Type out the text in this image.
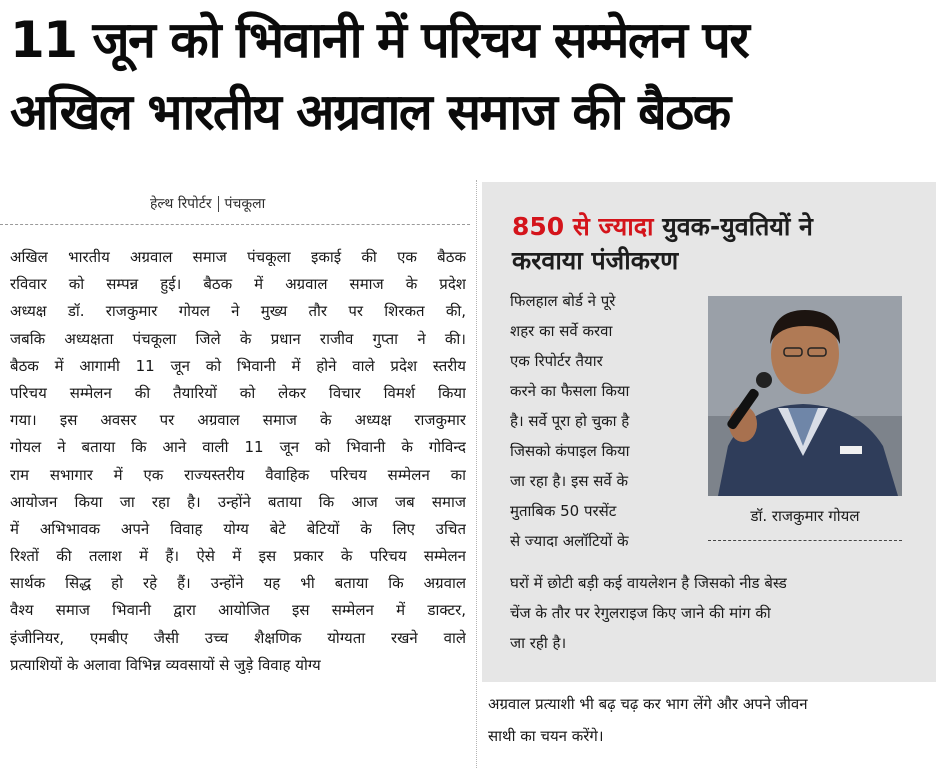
11 जून को भिवानी में परिचय सम्मेलन पर
अखिल भारतीय अग्रवाल समाज की बैठक
हेल्थ रिपोर्टर पंचकूला
अखिल भारतीय अग्रवाल समाज पंचकूला इकाई की एक बैठक
रविवार को सम्पन्न हुई। बैठक में अग्रवाल समाज के प्रदेश
अध्यक्ष डॉ. राजकुमार गोयल ने मुख्य तौर पर शिरकत की,
जबकि अध्यक्षता पंचकूला जिले के प्रधान राजीव गुप्ता ने की।
बैठक में आगामी 11 जून को भिवानी में होने वाले प्रदेश स्तरीय
परिचय सम्मेलन की तैयारियों को लेकर विचार विमर्श किया
गया। इस अवसर पर अग्रवाल समाज के अध्यक्ष राजकुमार
गोयल ने बताया कि आने वाली 11 जून को भिवानी के गोविन्द
राम सभागार में एक राज्यस्तरीय वैवाहिक परिचय सम्मेलन का
आयोजन किया जा रहा है। उन्होंने बताया कि आज जब समाज
में अभिभावक अपने विवाह योग्य बेटे बेटियों के लिए उचित
रिश्तों की तलाश में हैं। ऐसे में इस प्रकार के परिचय सम्मेलन
सार्थक सिद्ध हो रहे हैं। उन्होंने यह भी बताया कि अग्रवाल
वैश्य समाज भिवानी द्वारा आयोजित इस सम्मेलन में डाक्टर,
इंजीनियर, एमबीए जैसी उच्च शैक्षणिक योग्यता रखने वाले
प्रत्याशियों के अलावा विभिन्न व्यवसायों से जुड़े विवाह योग्य
850 से ज्यादा युवक-युवतियों ने
करवाया पंजीकरण
फिलहाल बोर्ड ने पूरे
शहर का सर्वे करवा
एक रिपोर्टर तैयार
करने का फैसला किया
है। सर्वे पूरा हो चुका है
जिसको कंपाइल किया
जा रहा है। इस सर्वे के
मुताबिक 50 परसेंट
से ज्यादा अलॉटियों के
डॉ. राजकुमार गोयल
घरों में छोटी बड़ी कई वायलेशन है जिसको नीड बेस्ड
चेंज के तौर पर रेगुलराइज किए जाने की मांग की
जा रही है।
अग्रवाल प्रत्याशी भी बढ़ चढ़ कर भाग लेंगे और अपने जीवन
साथी का चयन करेंगे।
